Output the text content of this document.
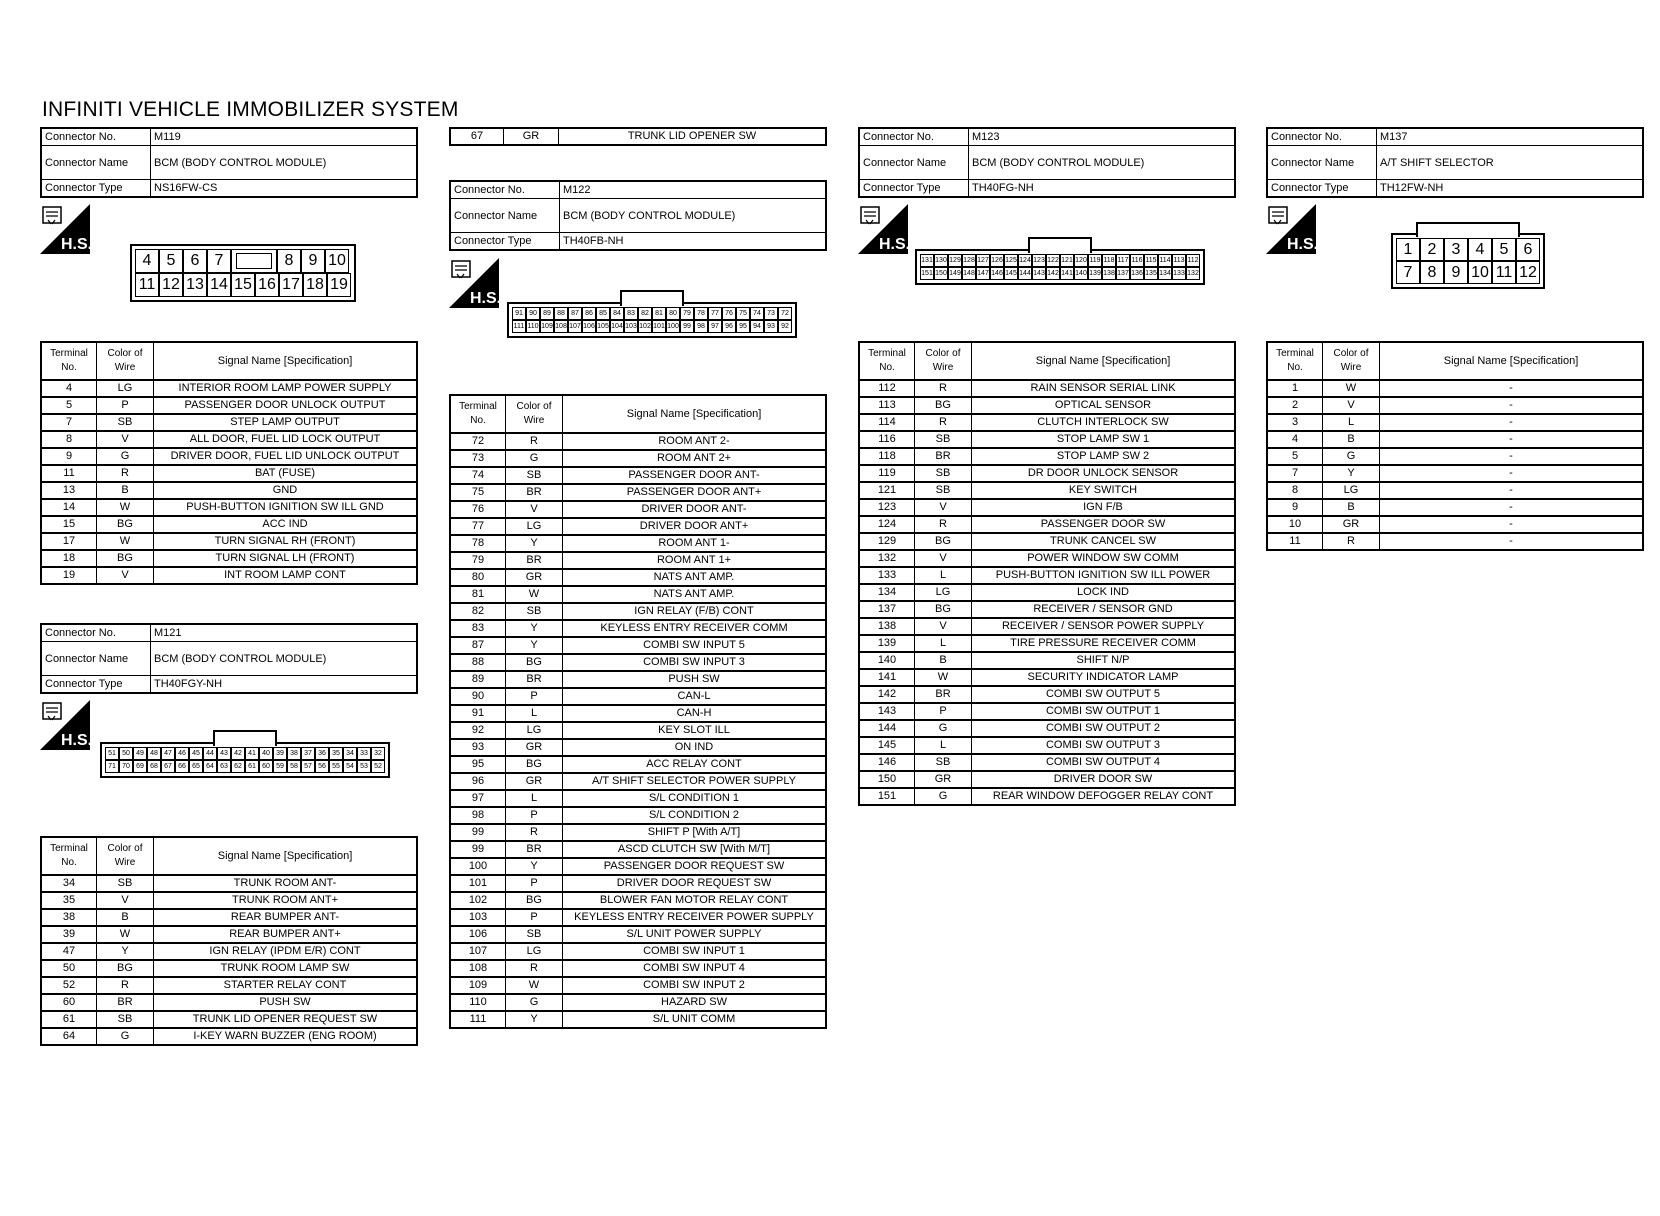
INFINITI VEHICLE IMMOBILIZER SYSTEM
Connector No.	M119
Connector Name	BCM (BODY CONTROL MODULE)
Connector Type	NS16FW-CS
H.S.
4 5 6 7	8 9 10
11 12 13 14 15 16 17 18 19
Terminal No.	Color of Wire	Signal Name [Specification]
4	LG	INTERIOR ROOM LAMP POWER SUPPLY
5	P	PASSENGER DOOR UNLOCK OUTPUT
7	SB	STEP LAMP OUTPUT
8	V	ALL DOOR, FUEL LID LOCK OUTPUT
9	G	DRIVER DOOR, FUEL LID UNLOCK OUTPUT
11	R	BAT (FUSE)
13	B	GND
14	W	PUSH-BUTTON IGNITION SW ILL GND
15	BG	ACC IND
17	W	TURN SIGNAL RH (FRONT)
18	BG	TURN SIGNAL LH (FRONT)
19	V	INT ROOM LAMP CONT
Connector No.	M121
Connector Name	BCM (BODY CONTROL MODULE)
Connector Type	TH40FGY-NH
H.S.
51 50 49 48 47 46 45 44 43 42 41 40 39 38 37 36 35 34 33 32
71 70 69 68 67 66 65 64 63 62 61 60 59 58 57 56 55 54 53 52
Terminal No.	Color of Wire	Signal Name [Specification]
34	SB	TRUNK ROOM ANT-
35	V	TRUNK ROOM ANT+
38	B	REAR BUMPER ANT-
39	W	REAR BUMPER ANT+
47	Y	IGN RELAY (IPDM E/R) CONT
50	BG	TRUNK ROOM LAMP SW
52	R	STARTER RELAY CONT
60	BR	PUSH SW
61	SB	TRUNK LID OPENER REQUEST SW
64	G	I-KEY WARN BUZZER (ENG ROOM)
67	GR	TRUNK LID OPENER SW
Connector No.	M122
Connector Name	BCM (BODY CONTROL MODULE)
Connector Type	TH40FB-NH
H.S.
91 90 89 88 87 86 85 84 83 82 81 80 79 78 77 76 75 74 73 72
111 110 109 108 107 106 105 104 103 102 101 100 99 98 97 96 95 94 93 92
Terminal No.	Color of Wire	Signal Name [Specification]
72	R	ROOM ANT 2-
73	G	ROOM ANT 2+
74	SB	PASSENGER DOOR ANT-
75	BR	PASSENGER DOOR ANT+
76	V	DRIVER DOOR ANT-
77	LG	DRIVER DOOR ANT+
78	Y	ROOM ANT 1-
79	BR	ROOM ANT 1+
80	GR	NATS ANT AMP.
81	W	NATS ANT AMP.
82	SB	IGN RELAY (F/B) CONT
83	Y	KEYLESS ENTRY RECEIVER COMM
87	Y	COMBI SW INPUT 5
88	BG	COMBI SW INPUT 3
89	BR	PUSH SW
90	P	CAN-L
91	L	CAN-H
92	LG	KEY SLOT ILL
93	GR	ON IND
95	BG	ACC RELAY CONT
96	GR	A/T SHIFT SELECTOR POWER SUPPLY
97	L	S/L CONDITION 1
98	P	S/L CONDITION 2
99	R	SHIFT P [With A/T]
99	BR	ASCD CLUTCH SW [With M/T]
100	Y	PASSENGER DOOR REQUEST SW
101	P	DRIVER DOOR REQUEST SW
102	BG	BLOWER FAN MOTOR RELAY CONT
103	P	KEYLESS ENTRY RECEIVER POWER SUPPLY
106	SB	S/L UNIT POWER SUPPLY
107	LG	COMBI SW INPUT 1
108	R	COMBI SW INPUT 4
109	W	COMBI SW INPUT 2
110	G	HAZARD SW
111	Y	S/L UNIT COMM
Connector No.	M123
Connector Name	BCM (BODY CONTROL MODULE)
Connector Type	TH40FG-NH
H.S.
131 130 129 128 127 126 125 124 123 122 121 120 119 118 117 116 115 114 113 112
151 150 149 148 147 146 145 144 143 142 141 140 139 138 137 136 135 134 133 132
Terminal No.	Color of Wire	Signal Name [Specification]
112	R	RAIN SENSOR SERIAL LINK
113	BG	OPTICAL SENSOR
114	R	CLUTCH INTERLOCK SW
116	SB	STOP LAMP SW 1
118	BR	STOP LAMP SW 2
119	SB	DR DOOR UNLOCK SENSOR
121	SB	KEY SWITCH
123	V	IGN F/B
124	R	PASSENGER DOOR SW
129	BG	TRUNK CANCEL SW
132	V	POWER WINDOW SW COMM
133	L	PUSH-BUTTON IGNITION SW ILL POWER
134	LG	LOCK IND
137	BG	RECEIVER / SENSOR GND
138	V	RECEIVER / SENSOR POWER SUPPLY
139	L	TIRE PRESSURE RECEIVER COMM
140	B	SHIFT N/P
141	W	SECURITY INDICATOR LAMP
142	BR	COMBI SW OUTPUT 5
143	P	COMBI SW OUTPUT 1
144	G	COMBI SW OUTPUT 2
145	L	COMBI SW OUTPUT 3
146	SB	COMBI SW OUTPUT 4
150	GR	DRIVER DOOR SW
151	G	REAR WINDOW DEFOGGER RELAY CONT
Connector No.	M137
Connector Name	A/T SHIFT SELECTOR
Connector Type	TH12FW-NH
H.S.	1 2 3 4 5 6
7 8 9 10 11 12
Terminal No.	Color of Wire	Signal Name [Specification]
1	W	-
2	V	-
3	L	-
4	B	-
5	G	-
7	Y	-
8	LG	-
9	B	-
10	GR	-
11	R	-
